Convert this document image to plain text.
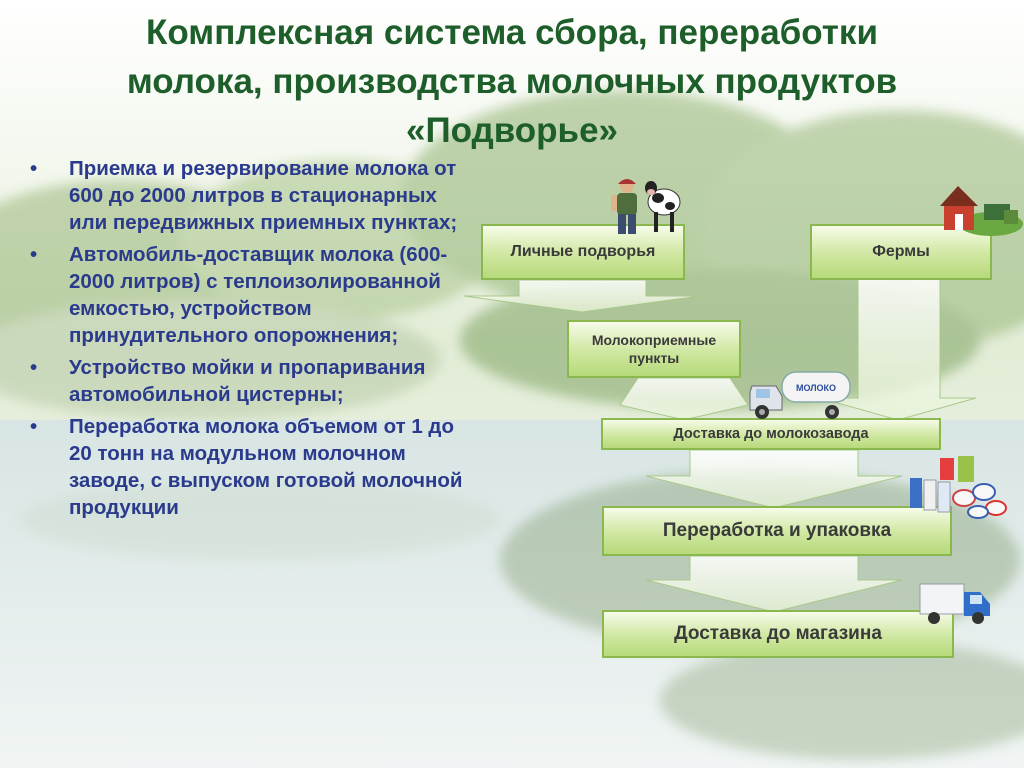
Комплексная система сбора, переработки
молока, производства молочных продуктов
«Подворье»
• Приемка и резервирование молока от 600 до 2000 литров в стационарных или передвижных приемных пунктах;
• Автомобиль-доставщик молока (600-2000 литров) с теплоизолированной емкостью, устройством принудительного опорожнения;
• Устройство мойки и пропаривания автомобильной цистерны;
• Переработка молока объемом от 1 до 20 тонн на модульном молочном заводе, с выпуском готовой молочной продукции
Личные подворья	Фермы
Молокоприемные пункты
Доставка до молокозавода
Переработка и упаковка
Доставка до магазина
МОЛОКО
